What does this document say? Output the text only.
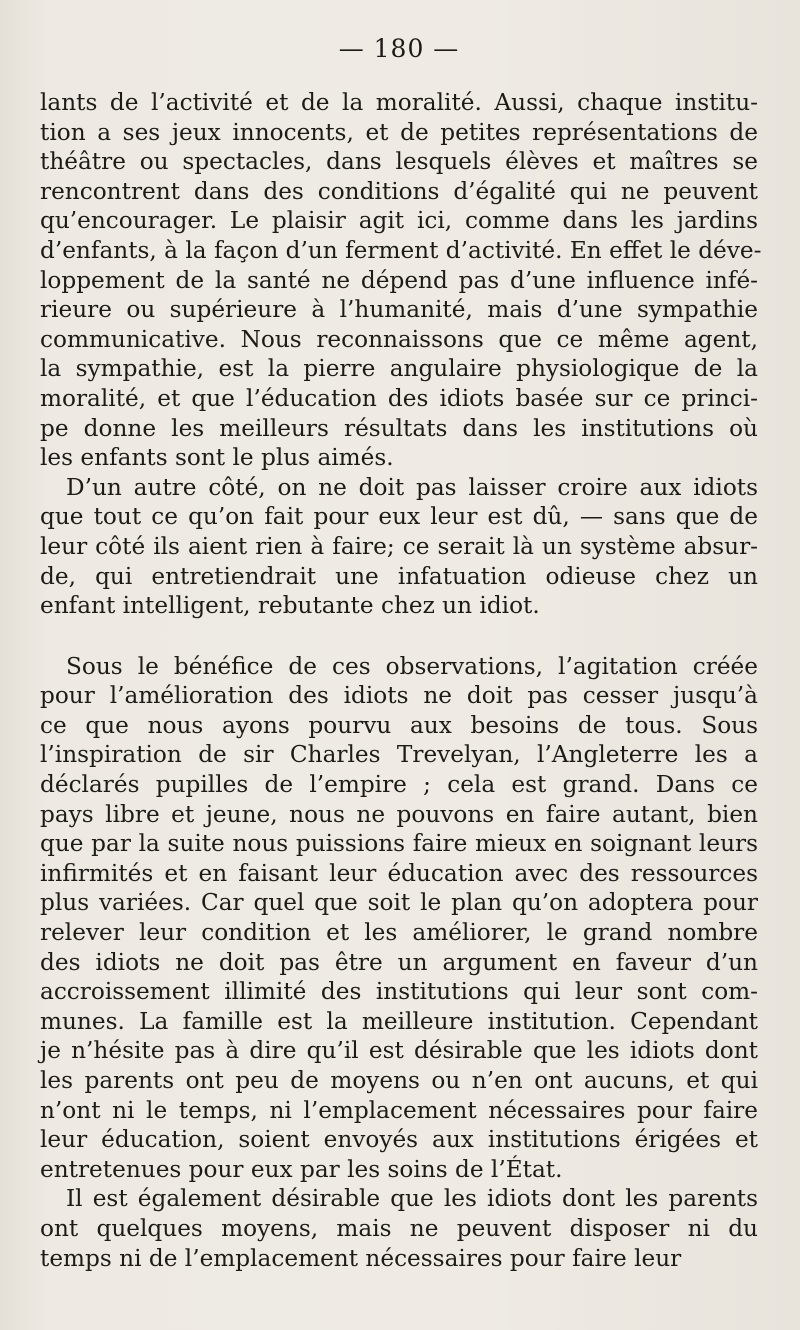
— 180 —
lants de l’activité et de la moralité. Aussi, chaque institu-
tion a ses jeux innocents, et de petites représentations de
théâtre ou spectacles, dans lesquels élèves et maîtres se
rencontrent dans des conditions d’égalité qui ne peuvent
qu’encourager. Le plaisir agit ici, comme dans les jardins
d’enfants, à la façon d’un ferment d’activité. En effet le déve-
loppement de la santé ne dépend pas d’une influence infé-
rieure ou supérieure à l’humanité, mais d’une sympathie
communicative. Nous reconnaissons que ce même agent,
la sympathie, est la pierre angulaire physiologique de la
moralité, et que l’éducation des idiots basée sur ce princi-
pe donne les meilleurs résultats dans les institutions où
les enfants sont le plus aimés.
D’un autre côté, on ne doit pas laisser croire aux idiots
que tout ce qu’on fait pour eux leur est dû, — sans que de
leur côté ils aient rien à faire; ce serait là un système absur-
de, qui entretiendrait une infatuation odieuse chez un
enfant intelligent, rebutante chez un idiot.
Sous le bénéfice de ces observations, l’agitation créée
pour l’amélioration des idiots ne doit pas cesser jusqu’à
ce que nous ayons pourvu aux besoins de tous. Sous
l’inspiration de sir Charles Trevelyan, l’Angleterre les a
déclarés pupilles de l’empire ; cela est grand. Dans ce
pays libre et jeune, nous ne pouvons en faire autant, bien
que par la suite nous puissions faire mieux en soignant leurs
infirmités et en faisant leur éducation avec des ressources
plus variées. Car quel que soit le plan qu’on adoptera pour
relever leur condition et les améliorer, le grand nombre
des idiots ne doit pas être un argument en faveur d’un
accroissement illimité des institutions qui leur sont com-
munes. La famille est la meilleure institution. Cependant
je n’hésite pas à dire qu’il est désirable que les idiots dont
les parents ont peu de moyens ou n’en ont aucuns, et qui
n’ont ni le temps, ni l’emplacement nécessaires pour faire
leur éducation, soient envoyés aux institutions érigées et
entretenues pour eux par les soins de l’État.
Il est également désirable que les idiots dont les parents
ont quelques moyens, mais ne peuvent disposer ni du
temps ni de l’emplacement nécessaires pour faire leur
